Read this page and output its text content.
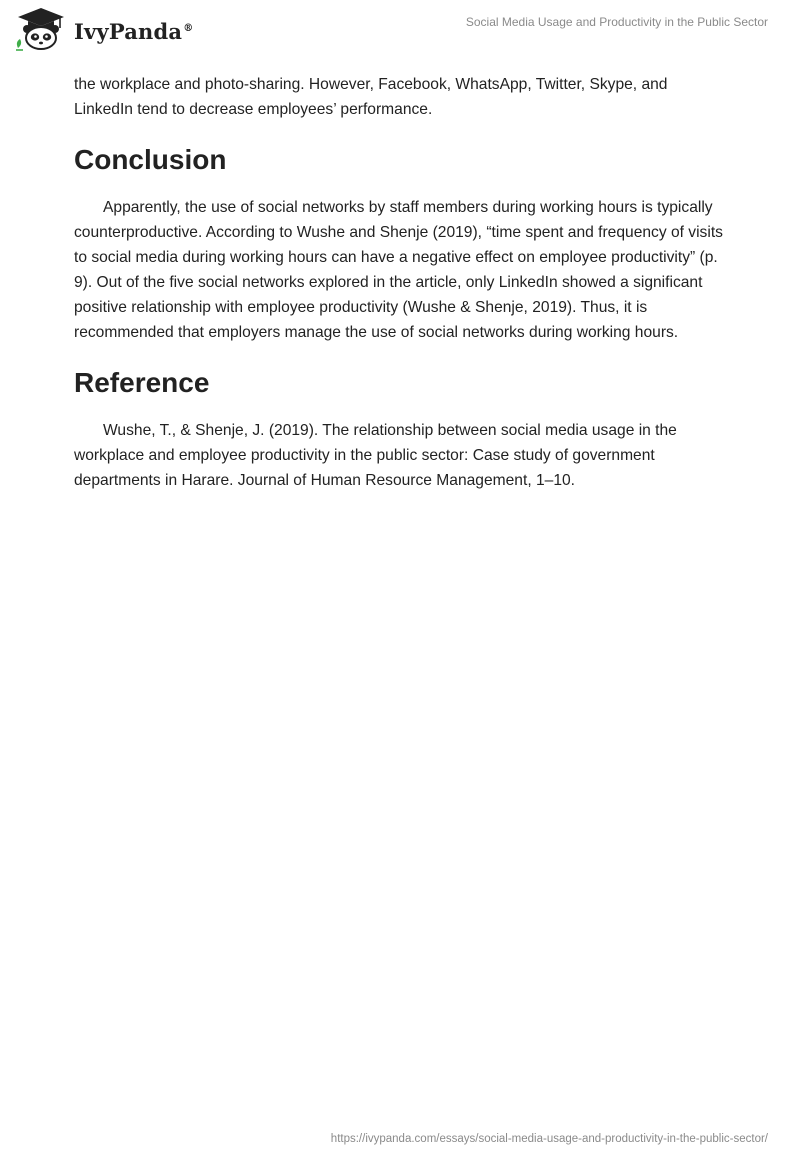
IvyPanda®	Social Media Usage and Productivity in the Public Sector

the workplace and photo-sharing. However, Facebook, WhatsApp, Twitter, Skype, and LinkedIn tend to decrease employees’ performance.

Conclusion

Apparently, the use of social networks by staff members during working hours is typically counterproductive. According to Wushe and Shenje (2019), “time spent and frequency of visits to social media during working hours can have a negative effect on employee productivity” (p. 9). Out of the five social networks explored in the article, only LinkedIn showed a significant positive relationship with employee productivity (Wushe & Shenje, 2019). Thus, it is recommended that employers manage the use of social networks during working hours.

Reference

Wushe, T., & Shenje, J. (2019). The relationship between social media usage in the workplace and employee productivity in the public sector: Case study of government departments in Harare. Journal of Human Resource Management, 1–10.

https://ivypanda.com/essays/social-media-usage-and-productivity-in-the-public-sector/
